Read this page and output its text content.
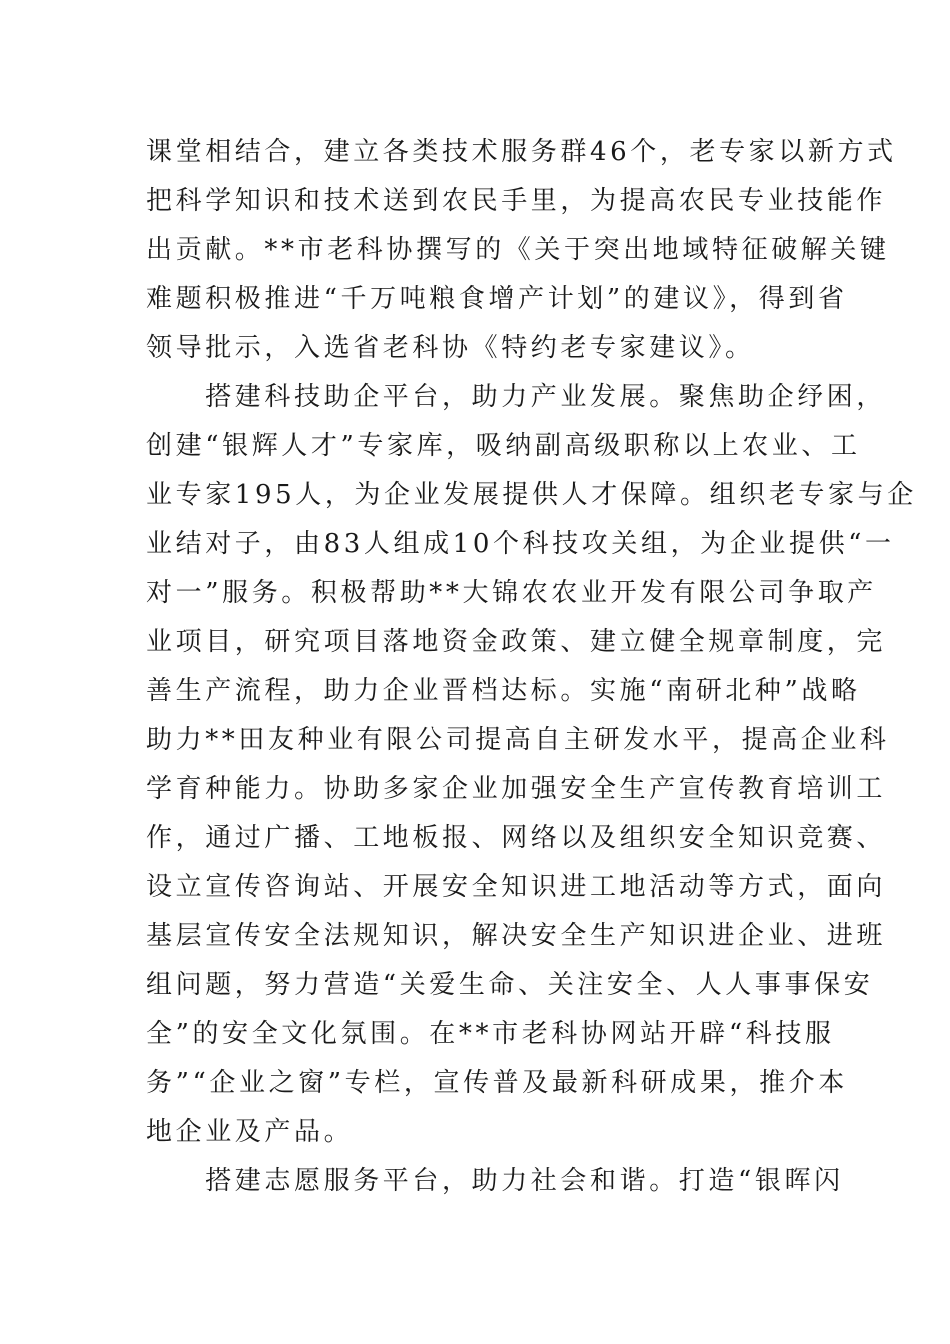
课堂相结合，建立各类技术服务群46个，老专家以新方式
把科学知识和技术送到农民手里，为提高农民专业技能作
出贡献。**市老科协撰写的《关于突出地域特征破解关键
难题积极推进“千万吨粮食增产计划”的建议》，得到省
领导批示，入选省老科协《特约老专家建议》。
　　搭建科技助企平台，助力产业发展。聚焦助企纾困，
创建“银辉人才”专家库，吸纳副高级职称以上农业、工
业专家195人，为企业发展提供人才保障。组织老专家与企
业结对子，由83人组成10个科技攻关组，为企业提供“一
对一”服务。积极帮助**大锦农农业开发有限公司争取产
业项目，研究项目落地资金政策、建立健全规章制度，完
善生产流程，助力企业晋档达标。实施“南研北种”战略
助力**田友种业有限公司提高自主研发水平，提高企业科
学育种能力。协助多家企业加强安全生产宣传教育培训工
作，通过广播、工地板报、网络以及组织安全知识竞赛、
设立宣传咨询站、开展安全知识进工地活动等方式，面向
基层宣传安全法规知识，解决安全生产知识进企业、进班
组问题，努力营造“关爱生命、关注安全、人人事事保安
全”的安全文化氛围。在**市老科协网站开辟“科技服
务”“企业之窗”专栏，宣传普及最新科研成果，推介本
地企业及产品。
　　搭建志愿服务平台，助力社会和谐。打造“银晖闪
